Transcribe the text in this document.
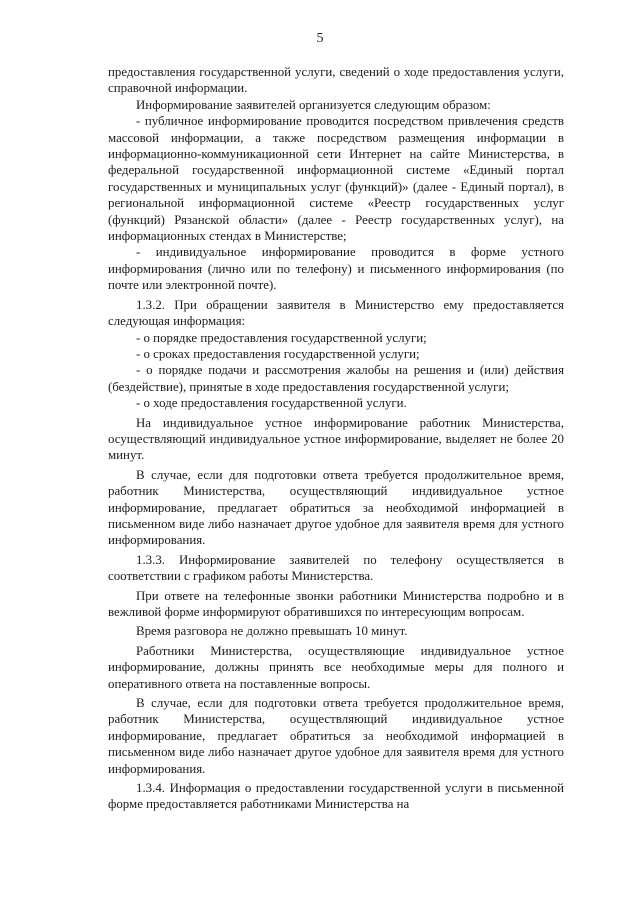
5

предоставления государственной услуги, сведений о ходе предоставления услуги, справочной информации.

Информирование заявителей организуется следующим образом:

- публичное информирование проводится посредством привлечения средств массовой информации, а также посредством размещения информации в информационно-коммуникационной сети Интернет на сайте Министерства, в федеральной государственной информационной системе «Единый портал государственных и муниципальных услуг (функций)» (далее - Единый портал), в региональной информационной системе «Реестр государственных услуг (функций) Рязанской области» (далее - Реестр государственных услуг), на информационных стендах в Министерстве;

- индивидуальное информирование проводится в форме устного информирования (лично или по телефону) и письменного информирования (по почте или электронной почте).

1.3.2. При обращении заявителя в Министерство ему предоставляется следующая информация:

- о порядке предоставления государственной услуги;

- о сроках предоставления государственной услуги;

- о порядке подачи и рассмотрения жалобы на решения и (или) действия (бездействие), принятые в ходе предоставления государственной услуги;

- о ходе предоставления государственной услуги.

На индивидуальное устное информирование работник Министерства, осуществляющий индивидуальное устное информирование, выделяет не более 20 минут.

В случае, если для подготовки ответа требуется продолжительное время, работник Министерства, осуществляющий индивидуальное устное информирование, предлагает обратиться за необходимой информацией в письменном виде либо назначает другое удобное для заявителя время для устного информирования.

1.3.3. Информирование заявителей по телефону осуществляется в соответствии с графиком работы Министерства.

При ответе на телефонные звонки работники Министерства подробно и в вежливой форме информируют обратившихся по интересующим вопросам.

Время разговора не должно превышать 10 минут.

Работники Министерства, осуществляющие индивидуальное устное информирование, должны принять все необходимые меры для полного и оперативного ответа на поставленные вопросы.

В случае, если для подготовки ответа требуется продолжительное время, работник Министерства, осуществляющий индивидуальное устное информирование, предлагает обратиться за необходимой информацией в письменном виде либо назначает другое удобное для заявителя время для устного информирования.

1.3.4. Информация о предоставлении государственной услуги в письменной форме предоставляется работниками Министерства на
